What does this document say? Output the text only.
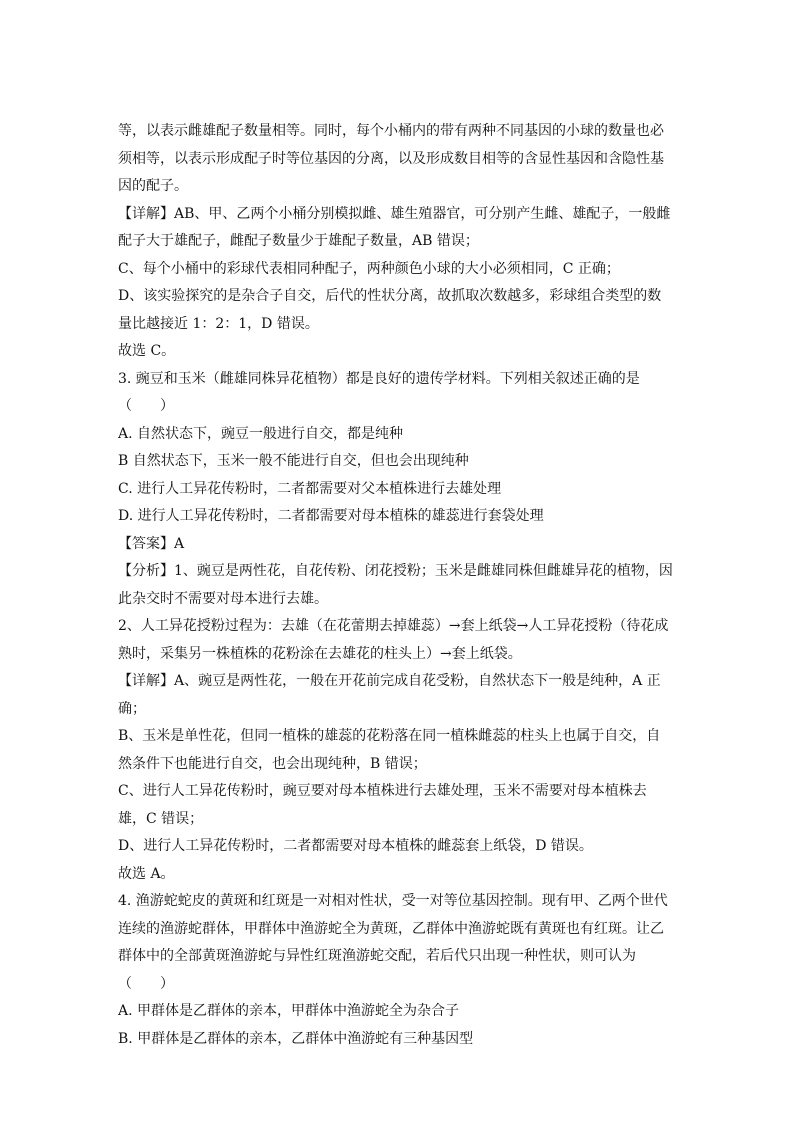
等，以表示雌雄配子数量相等。同时，每个小桶内的带有两种不同基因的小球的数量也必
须相等，以表示形成配子时等位基因的分离，以及形成数目相等的含显性基因和含隐性基
因的配子。
【详解】AB、甲、乙两个小桶分别模拟雌、雄生殖器官，可分别产生雌、雄配子，一般雌
配子大于雄配子，雌配子数量少于雄配子数量，AB 错误；
C、每个小桶中的彩球代表相同种配子，两种颜色小球的大小必须相同，C 正确；
D、该实验探究的是杂合子自交，后代的性状分离，故抓取次数越多，彩球组合类型的数
量比越接近 1：2：1，D 错误。
故选 C。
3. 豌豆和玉米（雌雄同株异花植物）都是良好的遗传学材料。下列相关叙述正确的是
（　　）
A. 自然状态下，豌豆一般进行自交，都是纯种
B 自然状态下，玉米一般不能进行自交，但也会出现纯种
C. 进行人工异花传粉时，二者都需要对父本植株进行去雄处理
D. 进行人工异花传粉时，二者都需要对母本植株的雄蕊进行套袋处理
【答案】A
【分析】1、豌豆是两性花，自花传粉、闭花授粉；玉米是雌雄同株但雌雄异花的植物，因
此杂交时不需要对母本进行去雄。
2、人工异花授粉过程为：去雄（在花蕾期去掉雄蕊）→套上纸袋→人工异花授粉（待花成
熟时，采集另一株植株的花粉涂在去雄花的柱头上）→套上纸袋。
【详解】A、豌豆是两性花，一般在开花前完成自花受粉，自然状态下一般是纯种，A 正
确；
B、玉米是单性花，但同一植株的雄蕊的花粉落在同一植株雌蕊的柱头上也属于自交，自
然条件下也能进行自交，也会出现纯种，B 错误；
C、进行人工异花传粉时，豌豆要对母本植株进行去雄处理，玉米不需要对母本植株去
雄，C 错误；
D、进行人工异花传粉时，二者都需要对母本植株的雌蕊套上纸袋，D 错误。
故选 A。
4. 渔游蛇蛇皮的黄斑和红斑是一对相对性状，受一对等位基因控制。现有甲、乙两个世代
连续的渔游蛇群体，甲群体中渔游蛇全为黄斑，乙群体中渔游蛇既有黄斑也有红斑。让乙
群体中的全部黄斑渔游蛇与异性红斑渔游蛇交配，若后代只出现一种性状，则可认为
（　　）
A. 甲群体是乙群体的亲本，甲群体中渔游蛇全为杂合子
B. 甲群体是乙群体的亲本，乙群体中渔游蛇有三种基因型
